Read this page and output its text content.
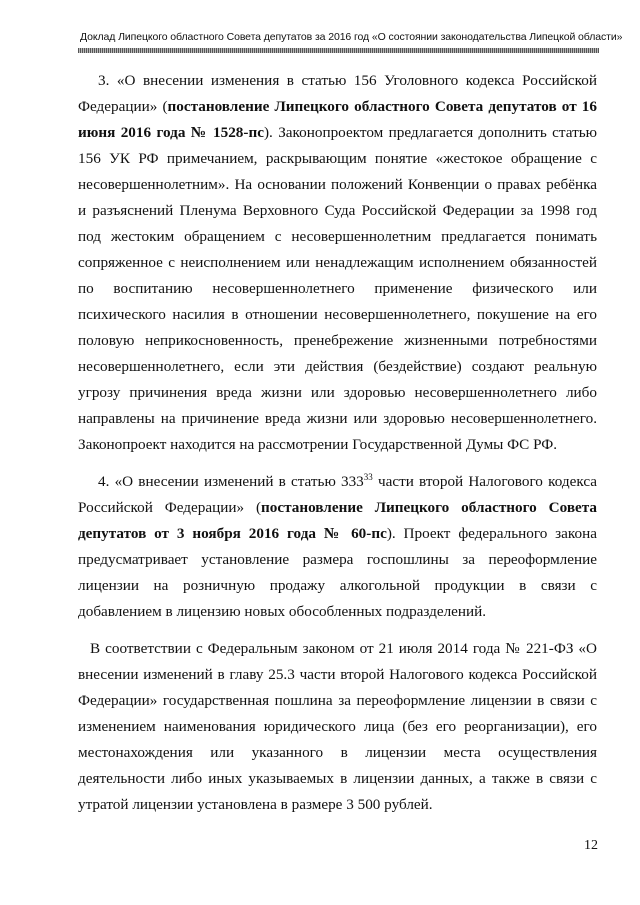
Доклад Липецкого областного Совета депутатов за 2016 год «О состоянии законодательства Липецкой области»

3. «О внесении изменения в статью 156 Уголовного кодекса Российской Федерации» (постановление Липецкого областного Совета депутатов от 16 июня 2016 года № 1528-пс). Законопроектом предлагается дополнить статью 156 УК РФ примечанием, раскрывающим понятие «жестокое обращение с несовершеннолетним». На основании положений Конвенции о правах ребёнка и разъяснений Пленума Верховного Суда Российской Федерации за 1998 год под жестоким обращением с несовершеннолетним предлагается понимать сопряженное с неисполнением или ненадлежащим исполнением обязанностей по воспитанию несовершеннолетнего применение физического или психического насилия в отношении несовершеннолетнего, покушение на его половую неприкосновенность, пренебрежение жизненными потребностями несовершеннолетнего, если эти действия (бездействие) создают реальную угрозу причинения вреда жизни или здоровью несовершеннолетнего либо направлены на причинение вреда жизни или здоровью несовершеннолетнего. Законопроект находится на рассмотрении Государственной Думы ФС РФ.

4. «О внесении изменений в статью $333^{33}$ части второй Налогового кодекса Российской Федерации» (постановление Липецкого областного Совета депутатов от 3 ноября 2016 года № 60-пс). Проект федерального закона предусматривает установление размера госпошлины за переоформление лицензии на розничную продажу алкогольной продукции в связи с добавлением в лицензию новых обособленных подразделений.

В соответствии с Федеральным законом от 21 июля 2014 года № 221-ФЗ «О внесении изменений в главу 25.3 части второй Налогового кодекса Российской Федерации» государственная пошлина за переоформление лицензии в связи с изменением наименования юридического лица (без его реорганизации), его местонахождения или указанного в лицензии места осуществления деятельности либо иных указываемых в лицензии данных, а также в связи с утратой лицензии установлена в размере 3 500 рублей.

12
